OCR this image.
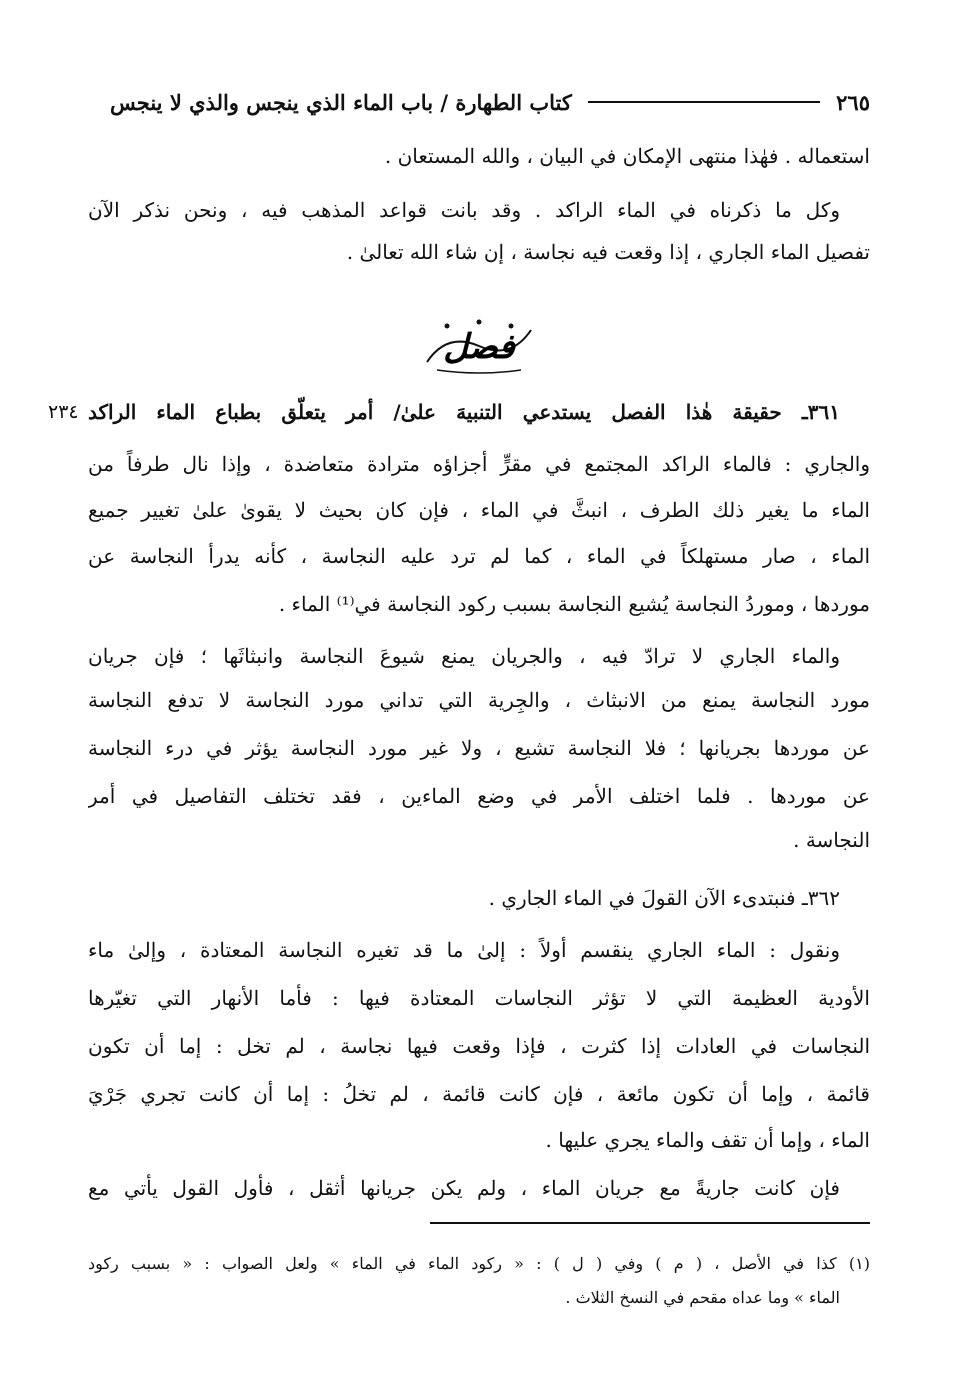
كتاب الطهارة / باب الماء الذي ينجس والذي لا ينجس	٢٦٥
استعماله . فهٰذا منتهى الإمكان في البيان ، والله المستعان .
وكل ما ذكرناه في الماء الراكد . وقد بانت قواعد المذهب فيه ، ونحن نذكر الآن
تفصيل الماء الجاري ، إذا وقعت فيه نجاسة ، إن شاء الله تعالىٰ .
فصل
٢٣٤ ٣٦١ـ حقيقة هٰذا الفصل يستدعي التنبيهَ علىٰ/ أمر يتعلّق بطباع الماء الراكد
والجاري : فالماء الراكد المجتمع في مقرٍّ أجزاؤه مترادة متعاضدة ، وإذا نال طرفاً من
الماء ما يغير ذلك الطرف ، انبثَّ في الماء ، فإن كان بحيث لا يقوىٰ علىٰ تغيير جميع
الماء ، صار مستهلكاً في الماء ، كما لم ترد عليه النجاسة ، كأنه يدرأ النجاسة عن
موردها ، وموردُ النجاسة يُشيع النجاسة بسبب ركود النجاسة في⁽¹⁾ الماء .
والماء الجاري لا ترادّ فيه ، والجريان يمنع شيوعَ النجاسة وانبثاثَها ؛ فإن جريان
مورد النجاسة يمنع من الانبثاث ، والجِرية التي تداني مورد النجاسة لا تدفع النجاسة
عن موردها بجريانها ؛ فلا النجاسة تشيع ، ولا غير مورد النجاسة يؤثر في درء النجاسة
عن موردها . فلما اختلف الأمر في وضع الماءين ، فقد تختلف التفاصيل في أمر
النجاسة .
٣٦٢ـ فنبتدىء الآن القولَ في الماء الجاري .
ونقول : الماء الجاري ينقسم أولاً : إلىٰ ما قد تغيره النجاسة المعتادة ، وإلىٰ ماء
الأودية العظيمة التي لا تؤثر النجاسات المعتادة فيها : فأما الأنهار التي تغيّرها
النجاسات في العادات إذا كثرت ، فإذا وقعت فيها نجاسة ، لم تخل : إما أن تكون
قائمة ، وإما أن تكون مائعة ، فإن كانت قائمة ، لم تخلُ : إما أن كانت تجري جَرْيَ
الماء ، وإما أن تقف والماء يجري عليها .
فإن كانت جاريةً مع جريان الماء ، ولم يكن جريانها أثقل ، فأول القول يأتي مع
(١) كذا في الأصل ، ( م ) وفي ( ل ) : « ركود الماء في الماء » ولعل الصواب : « بسبب ركود
الماء » وما عداه مقحم في النسخ الثلاث .
